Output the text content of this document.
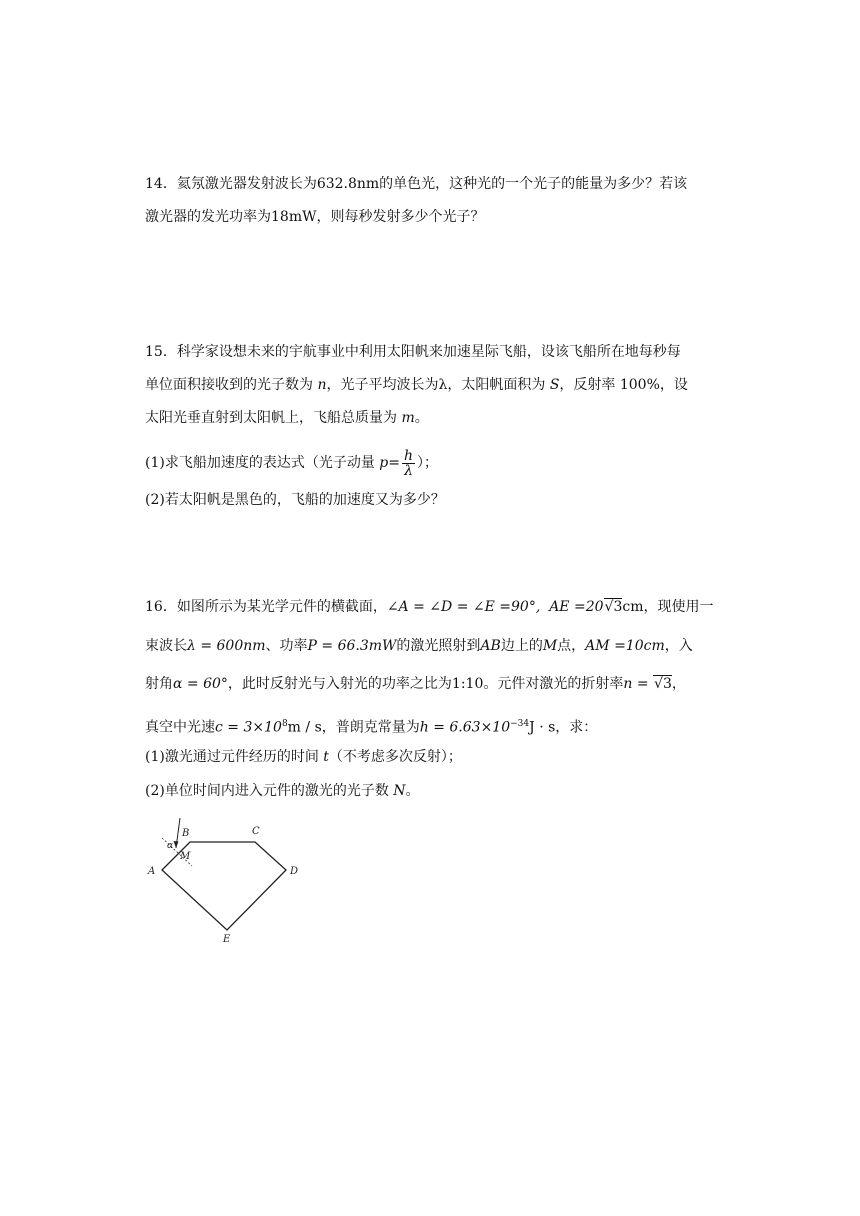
14．氦氖激光器发射波长为632.8nm的单色光，这种光的一个光子的能量为多少？若该
激光器的发光功率为18mW，则每秒发射多少个光子？
15．科学家设想未来的宇航事业中利用太阳帆来加速星际飞船，设该飞船所在地每秒每
单位面积接收到的光子数为 n，光子平均波长为λ，太阳帆面积为 S，反射率 100%，设
太阳光垂直射到太阳帆上，飞船总质量为 m。
(1)求飞船加速度的表达式（光子动量 $p= \frac{h}{\lambda}$ ）；
(2)若太阳帆是黑色的，飞船的加速度又为多少？
16．如图所示为某光学元件的横截面，∠A = ∠D = ∠E =90°, AE =20√3cm，现使用一
束波长λ = 600nm、功率P = 66.3mW的激光照射到AB边上的M点，AM =10cm，入
射角α = 60°，此时反射光与入射光的功率之比为1:10。元件对激光的折射率n = √3，
真空中光速$c = 3\times 10^8m / s$，普朗克常量为$h = 6.63\times 10^{-34}J \cdot s$，求：
(1)激光通过元件经历的时间 t（不考虑多次反射）；
(2)单位时间内进入元件的激光的光子数 N。
B	C
A	D
E
M
α
